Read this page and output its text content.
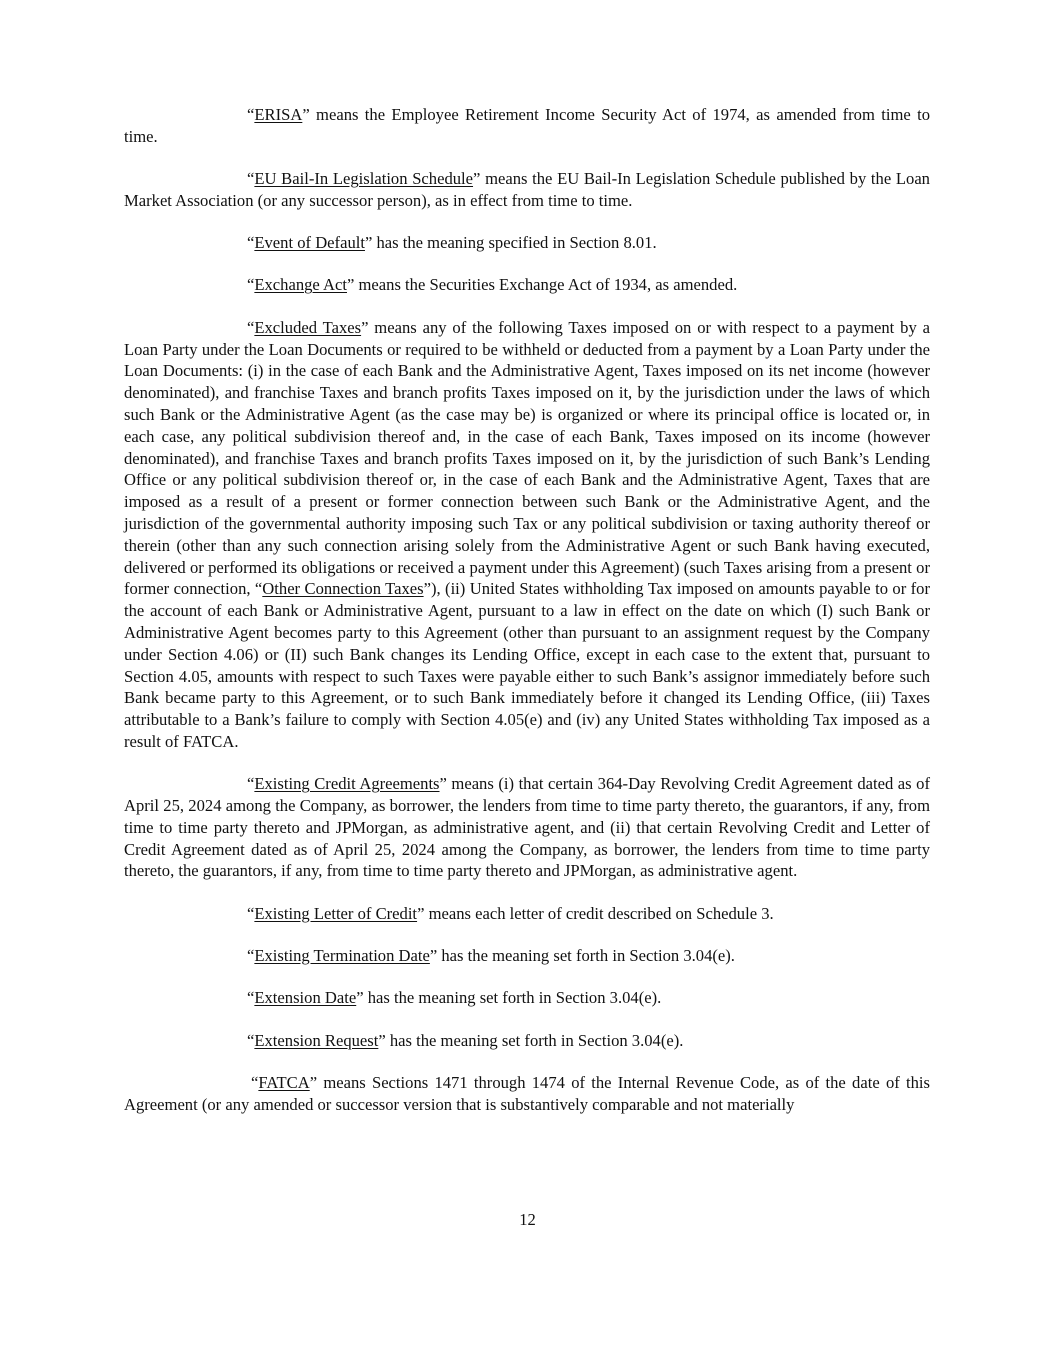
“ERISA” means the Employee Retirement Income Security Act of 1974, as amended from time to time.

“EU Bail-In Legislation Schedule” means the EU Bail-In Legislation Schedule published by the Loan Market Association (or any successor person), as in effect from time to time.

“Event of Default” has the meaning specified in Section 8.01.

“Exchange Act” means the Securities Exchange Act of 1934, as amended.

“Excluded Taxes” means any of the following Taxes imposed on or with respect to a payment by a Loan Party under the Loan Documents or required to be withheld or deducted from a payment by a Loan Party under the Loan Documents: (i) in the case of each Bank and the Administrative Agent, Taxes imposed on its net income (however denominated), and franchise Taxes and branch profits Taxes imposed on it, by the jurisdiction under the laws of which such Bank or the Administrative Agent (as the case may be) is organized or where its principal office is located or, in each case, any political subdivision thereof and, in the case of each Bank, Taxes imposed on its income (however denominated), and franchise Taxes and branch profits Taxes imposed on it, by the jurisdiction of such Bank’s Lending Office or any political subdivision thereof or, in the case of each Bank and the Administrative Agent, Taxes that are imposed as a result of a present or former connection between such Bank or the Administrative Agent, and the jurisdiction of the governmental authority imposing such Tax or any political subdivision or taxing authority thereof or therein (other than any such connection arising solely from the Administrative Agent or such Bank having executed, delivered or performed its obligations or received a payment under this Agreement) (such Taxes arising from a present or former connection, “Other Connection Taxes”), (ii) United States withholding Tax imposed on amounts payable to or for the account of each Bank or Administrative Agent, pursuant to a law in effect on the date on which (I) such Bank or Administrative Agent becomes party to this Agreement (other than pursuant to an assignment request by the Company under Section 4.06) or (II) such Bank changes its Lending Office, except in each case to the extent that, pursuant to Section 4.05, amounts with respect to such Taxes were payable either to such Bank’s assignor immediately before such Bank became party to this Agreement, or to such Bank immediately before it changed its Lending Office, (iii) Taxes attributable to a Bank’s failure to comply with Section 4.05(e) and (iv) any United States withholding Tax imposed as a result of FATCA.

“Existing Credit Agreements” means (i) that certain 364-Day Revolving Credit Agreement dated as of April 25, 2024 among the Company, as borrower, the lenders from time to time party thereto, the guarantors, if any, from time to time party thereto and JPMorgan, as administrative agent, and (ii) that certain Revolving Credit and Letter of Credit Agreement dated as of April 25, 2024 among the Company, as borrower, the lenders from time to time party thereto, the guarantors, if any, from time to time party thereto and JPMorgan, as administrative agent.

“Existing Letter of Credit” means each letter of credit described on Schedule 3.

“Existing Termination Date” has the meaning set forth in Section 3.04(e).

“Extension Date” has the meaning set forth in Section 3.04(e).

“Extension Request” has the meaning set forth in Section 3.04(e).

“FATCA” means Sections 1471 through 1474 of the Internal Revenue Code, as of the date of this Agreement (or any amended or successor version that is substantively comparable and not materially

12
